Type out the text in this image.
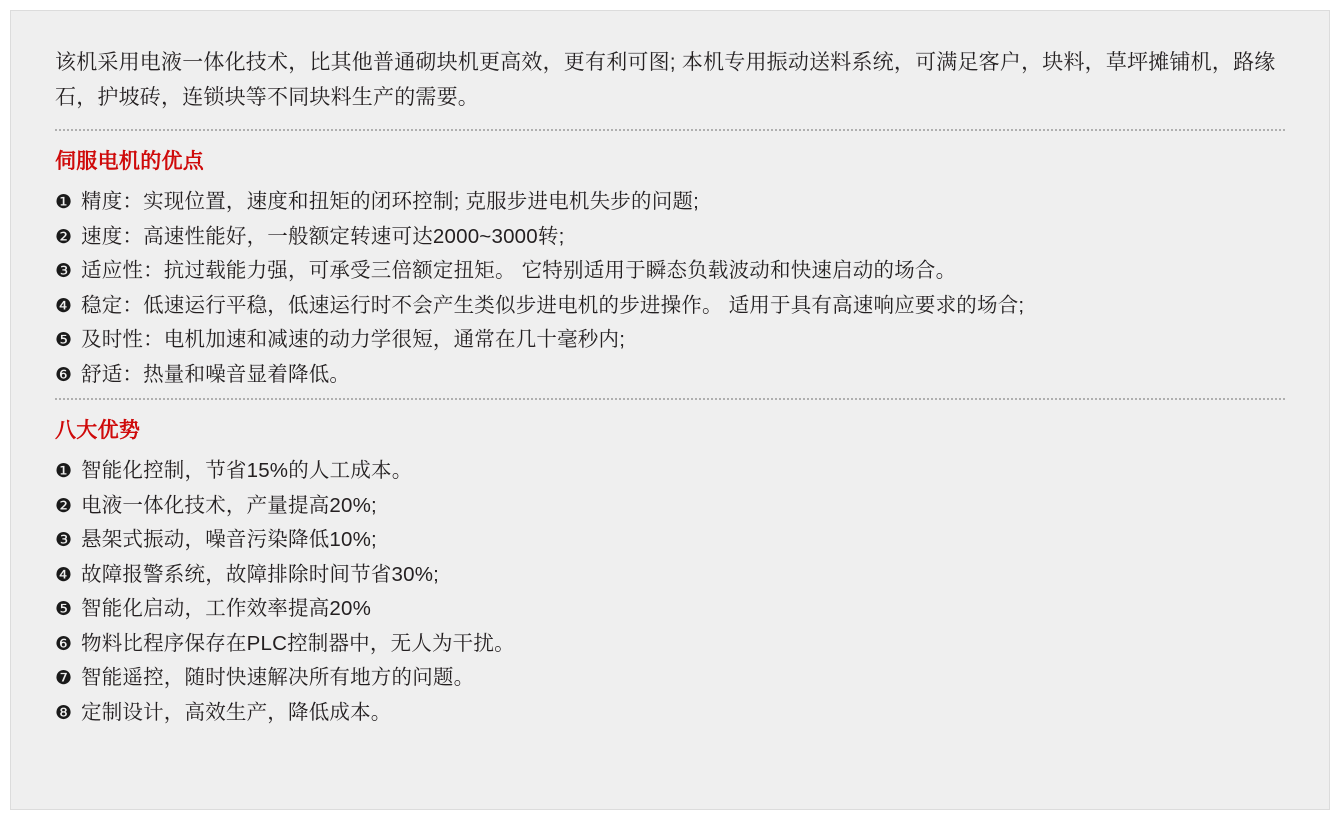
该机采用电液一体化技术，比其他普通砌块机更高效，更有利可图; 本机专用振动送料系统，可满足客户，块料，草坪摊铺机，路缘石，护坡砖，连锁块等不同块料生产的需要。

伺服电机的优点
❶ 精度：实现位置，速度和扭矩的闭环控制; 克服步进电机失步的问题;
❷ 速度：高速性能好，一般额定转速可达2000~3000转;
❸ 适应性：抗过载能力强，可承受三倍额定扭矩。 它特别适用于瞬态负载波动和快速启动的场合。
❹ 稳定：低速运行平稳，低速运行时不会产生类似步进电机的步进操作。 适用于具有高速响应要求的场合;
❺ 及时性：电机加速和减速的动力学很短，通常在几十毫秒内;
❻ 舒适：热量和噪音显着降低。
八大优势
❶ 智能化控制，节省15%的人工成本。
❷ 电液一体化技术，产量提高20%;
❸ 悬架式振动，噪音污染降低10%;
❹ 故障报警系统，故障排除时间节省30%;
❺ 智能化启动，工作效率提高20%
❻ 物料比程序保存在PLC控制器中，无人为干扰。
❼ 智能遥控，随时快速解决所有地方的问题。
❽ 定制设计，高效生产，降低成本。
